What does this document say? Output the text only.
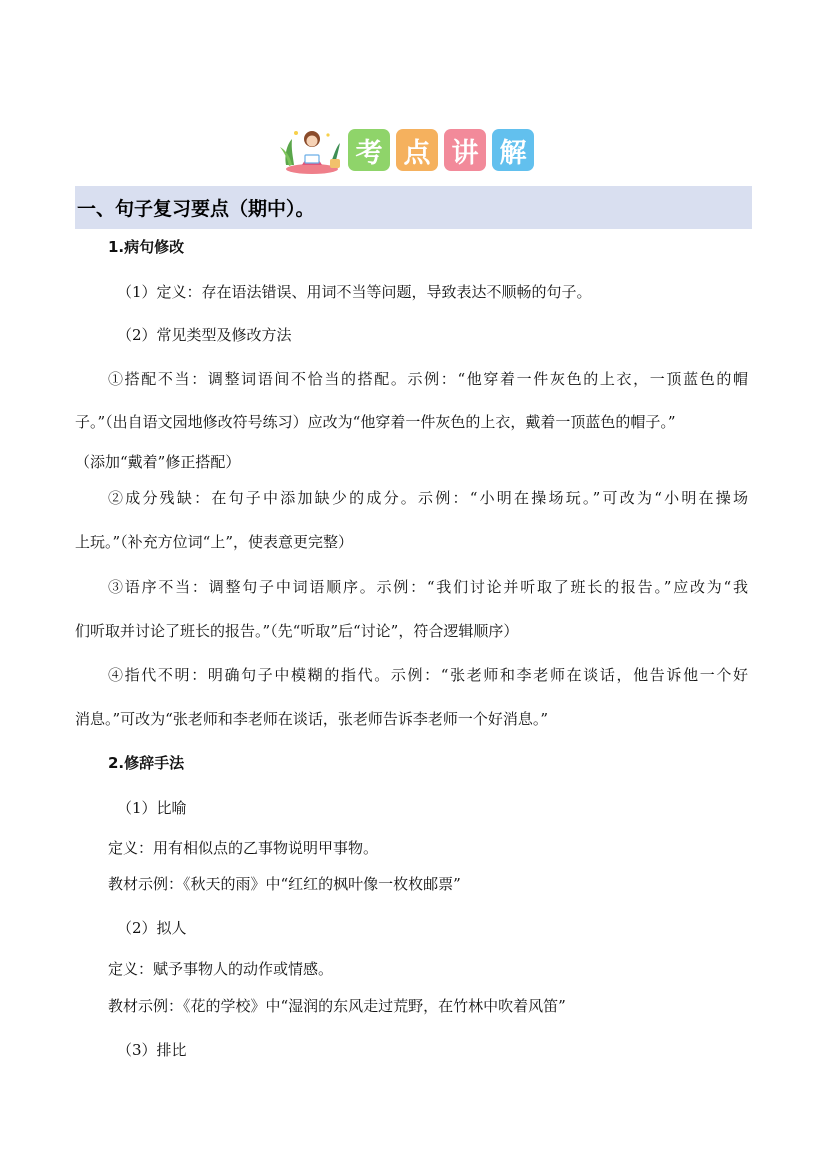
考 点 讲 解
一、句子复习要点（期中）。
1.病句修改
（1）定义：存在语法错误、用词不当等问题，导致表达不顺畅的句子。
（2）常见类型及修改方法
①搭配不当：调整词语间不恰当的搭配。示例：“他穿着一件灰色的上衣，一顶蓝色的帽
子。”（出自语文园地修改符号练习）应改为“他穿着一件灰色的上衣，戴着一顶蓝色的帽子。”
（添加“戴着”修正搭配）
②成分残缺：在句子中添加缺少的成分。示例：“小明在操场玩。”可改为“小明在操场
上玩。”（补充方位词“上”，使表意更完整）
③语序不当：调整句子中词语顺序。示例：“我们讨论并听取了班长的报告。”应改为“我
们听取并讨论了班长的报告。”（先“听取”后“讨论”，符合逻辑顺序）
④指代不明：明确句子中模糊的指代。示例：“张老师和李老师在谈话，他告诉他一个好
消息。”可改为“张老师和李老师在谈话，张老师告诉李老师一个好消息。”
2.修辞手法
（1）比喻
定义：用有相似点的乙事物说明甲事物。
教材示例：《秋天的雨》中“红红的枫叶像一枚枚邮票”
（2）拟人
定义：赋予事物人的动作或情感。
教材示例：《花的学校》中“湿润的东风走过荒野，在竹林中吹着风笛”
（3）排比
